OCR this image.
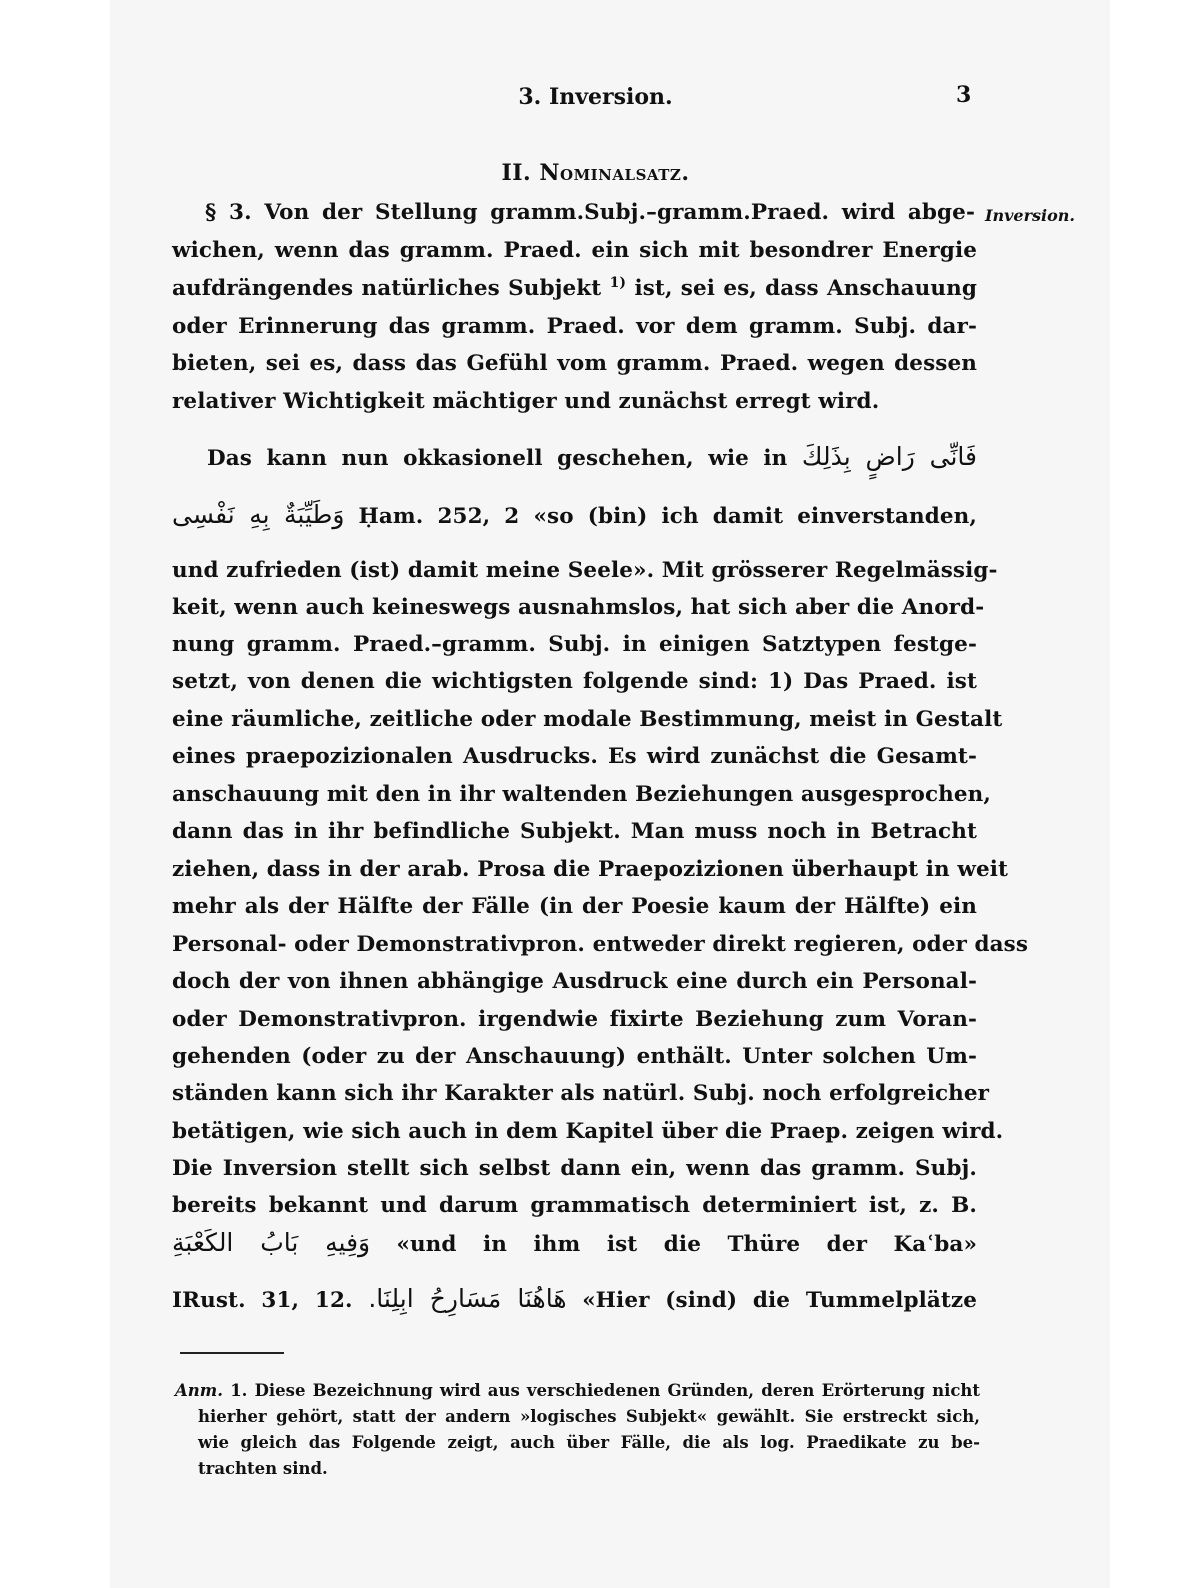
3. Inversion.	3
II. Nominalsatz.
Inversion.
§ 3. Von der Stellung gramm.Subj.–gramm.Praed. wird abge-
wichen, wenn das gramm. Praed. ein sich mit besondrer Energie
aufdrängendes natürliches Subjekt $^{1)}$ ist, sei es, dass Anschauung
oder Erinnerung das gramm. Praed. vor dem gramm. Subj. dar-
bieten, sei es, dass das Gefühl vom gramm. Praed. wegen dessen
relativer Wichtigkeit mächtiger und zunächst erregt wird.
Das kann nun okkasionell geschehen, wie in فَانِّى رَاضٍ بِذَلِكَ
وَطَيِّبَةٌ بِهِ نَفْسِى Ḥam. 252, 2 «so (bin) ich damit einverstanden,
und zufrieden (ist) damit meine Seele». Mit grösserer Regelmässig-
keit, wenn auch keineswegs ausnahmslos, hat sich aber die Anord-
nung gramm. Praed.–gramm. Subj. in einigen Satztypen festge-
setzt, von denen die wichtigsten folgende sind: 1) Das Praed. ist
eine räumliche, zeitliche oder modale Bestimmung, meist in Gestalt
eines praepozizionalen Ausdrucks. Es wird zunächst die Gesamt-
anschauung mit den in ihr waltenden Beziehungen ausgesprochen,
dann das in ihr befindliche Subjekt. Man muss noch in Betracht
ziehen, dass in der arab. Prosa die Praepozizionen überhaupt in weit
mehr als der Hälfte der Fälle (in der Poesie kaum der Hälfte) ein
Personal- oder Demonstrativpron. entweder direkt regieren, oder dass
doch der von ihnen abhängige Ausdruck eine durch ein Personal-
oder Demonstrativpron. irgendwie fixirte Beziehung zum Voran-
gehenden (oder zu der Anschauung) enthält. Unter solchen Um-
ständen kann sich ihr Karakter als natürl. Subj. noch erfolgreicher
betätigen, wie sich auch in dem Kapitel über die Praep. zeigen wird.
Die Inversion stellt sich selbst dann ein, wenn das gramm. Subj.
bereits bekannt und darum grammatisch determiniert ist, z. B.
وَفِيهِ بَابُ الكَعْبَةِ «und in ihm ist die Thüre der Kaʿba»
IRust. 31, 12. هَاهُنَا مَسَارِحُ ابِلِنَا. «Hier (sind) die Tummelplätze
Anm. 1. Diese Bezeichnung wird aus verschiedenen Gründen, deren Erörterung nicht
hierher gehört, statt der andern »logisches Subjekt« gewählt. Sie erstreckt sich,
wie gleich das Folgende zeigt, auch über Fälle, die als log. Praedikate zu be-
trachten sind.
